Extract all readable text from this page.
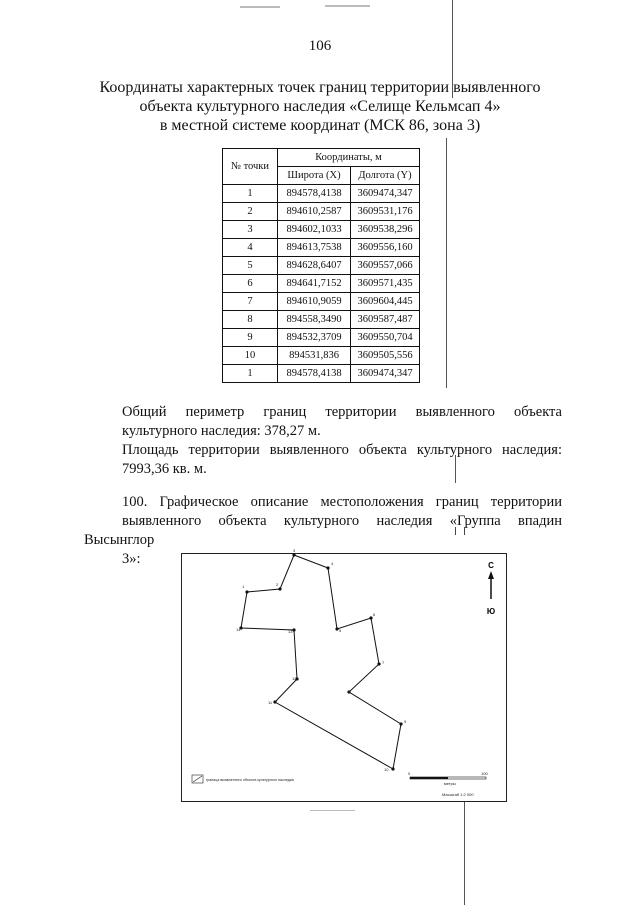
106
Координаты характерных точек границ территории выявленного
объекта культурного наследия «Селище Кельмсап 4»
в местной системе координат (МСК 86, зона 3)
№ точки	Координаты, м	
	Широта (X)	Долгота (Y)
1	894578,4138	3609474,347
2	894610,2587	3609531,176
3	894602,1033	3609538,296
4	894613,7538	3609556,160
5	894628,6407	3609557,066
6	894641,7152	3609571,435
7	894610,9059	3609604,445
8	894558,3490	3609587,487
9	894532,3709	3609550,704
10	894531,836	3609505,556
1	894578,4138	3609474,347
Общий периметр границ территории выявленного объекта
культурного наследия: 378,27 м.
Площадь территории выявленного объекта культурного наследия:
7993,36 кв. м.
100. Графическое описание местоположения границ территории
выявленного объекта культурного наследия «Группа впадин Высынглор
3»:
1	2
3
4
5
6
7
8
9
10
11
12
13
14
С
Ю
граница выявленного объекта культурного наследия
0	100
метры
Масштаб 1:2 000
